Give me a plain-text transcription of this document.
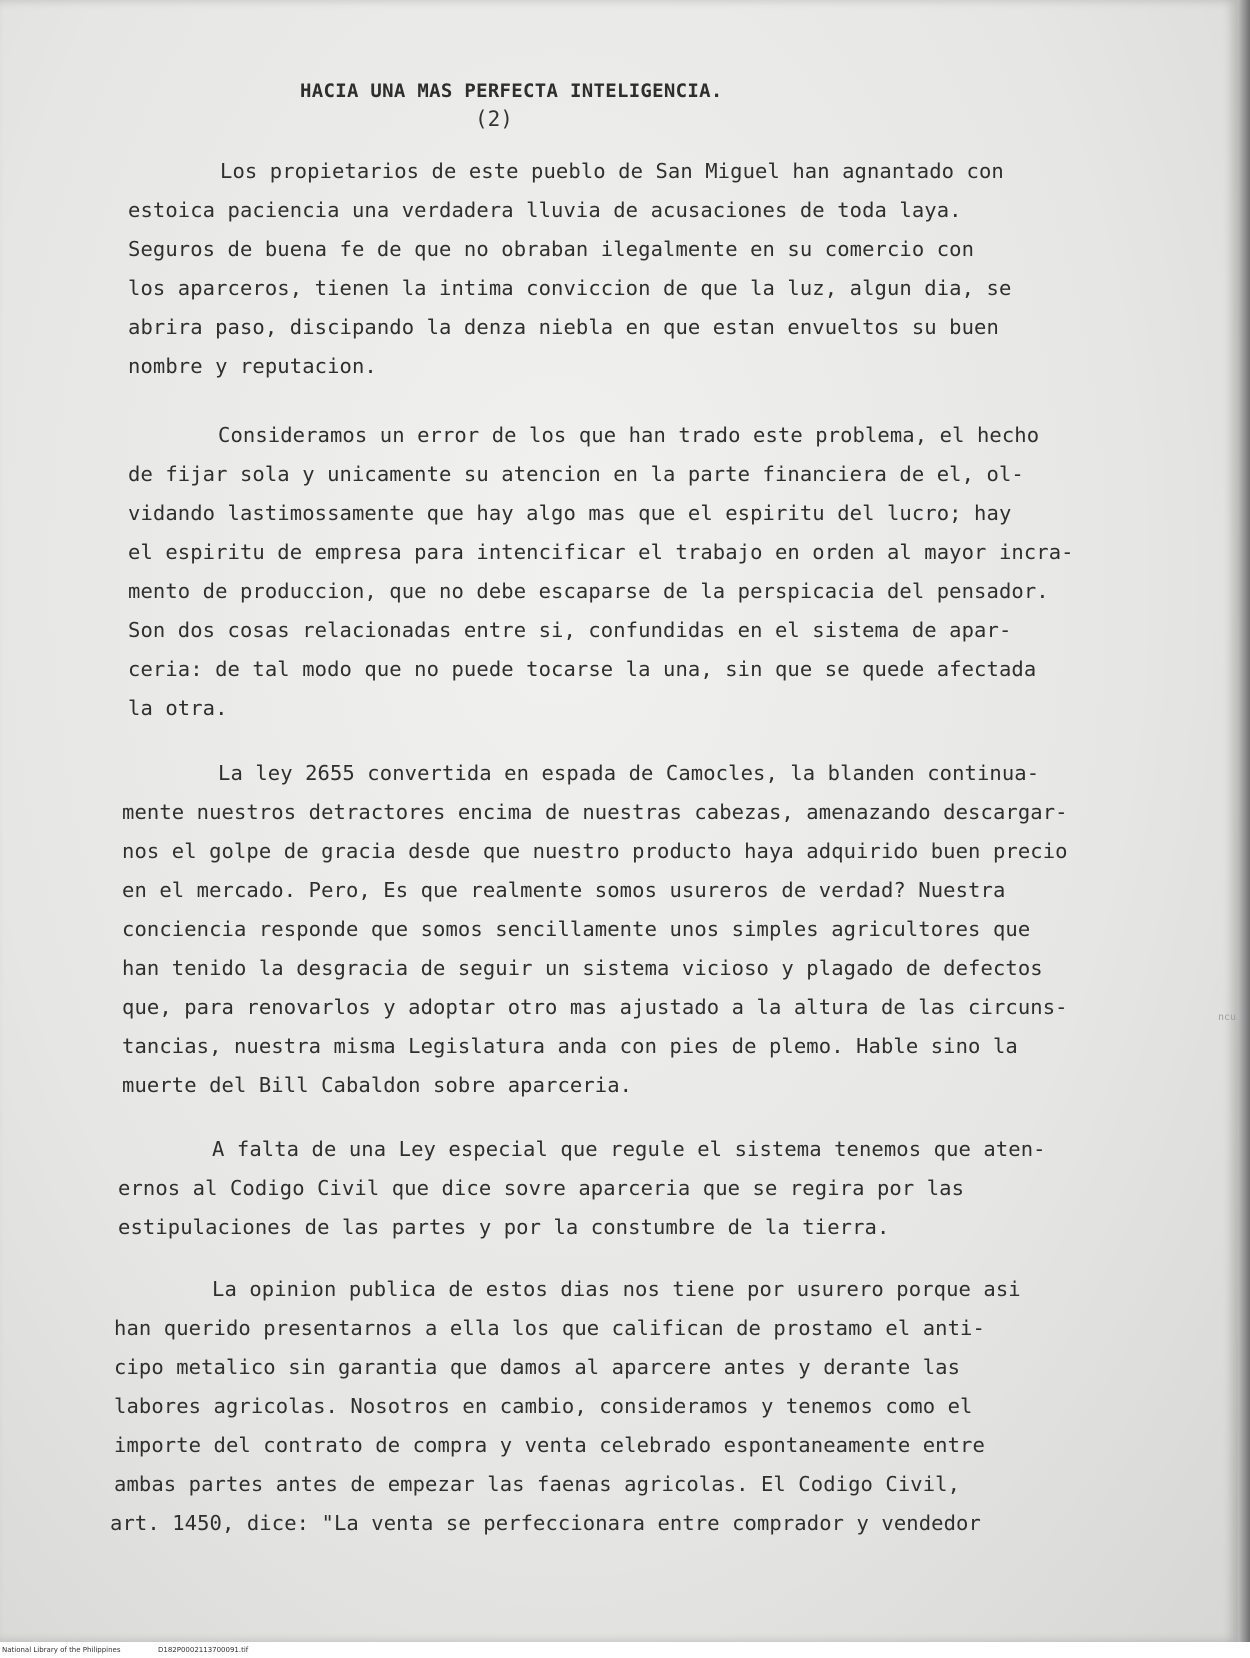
HACIA UNA MAS PERFECTA INTELIGENCIA.
(2)
Los propietarios de este pueblo de San Miguel han agnantado con
estoica paciencia una verdadera lluvia de acusaciones de toda laya.
Seguros de buena fe de que no obraban ilegalmente en su comercio con
los aparceros, tienen la intima conviccion de que la luz, algun dia, se
abrira paso, discipando la denza niebla en que estan envueltos su buen
nombre y reputacion.
Consideramos un error de los que han trado este problema, el hecho
de fijar sola y unicamente su atencion en la parte financiera de el, ol-
vidando lastimossamente que hay algo mas que el espiritu del lucro; hay
el espiritu de empresa para intencificar el trabajo en orden al mayor incra-
mento de produccion, que no debe escaparse de la perspicacia del pensador.
Son dos cosas relacionadas entre si, confundidas en el sistema de apar-
ceria: de tal modo que no puede tocarse la una, sin que se quede afectada
la otra.
La ley 2655 convertida en espada de Camocles, la blanden continua-
mente nuestros detractores encima de nuestras cabezas, amenazando descargar-
nos el golpe de gracia desde que nuestro producto haya adquirido buen precio
en el mercado. Pero, Es que realmente somos usureros de verdad? Nuestra
conciencia responde que somos sencillamente unos simples agricultores que
han tenido la desgracia de seguir un sistema vicioso y plagado de defectos
que, para renovarlos y adoptar otro mas ajustado a la altura de las circuns-
tancias, nuestra misma Legislatura anda con pies de plemo. Hable sino la
muerte del Bill Cabaldon sobre aparceria.
A falta de una Ley especial que regule el sistema tenemos que aten-
ernos al Codigo Civil que dice sovre aparceria que se regira por las
estipulaciones de las partes y por la constumbre de la tierra.
La opinion publica de estos dias nos tiene por usurero porque asi
han querido presentarnos a ella los que califican de prostamo el anti-
cipo metalico sin garantia que damos al aparcere antes y derante las
labores agricolas. Nosotros en cambio, consideramos y tenemos como el
importe del contrato de compra y venta celebrado espontaneamente entre
ambas partes antes de empezar las faenas agricolas. El Codigo Civil,
art. 1450, dice: "La venta se perfeccionara entre comprador y vendedor
ncu
National Library of the Philippines	D182P0002113700091.tif
